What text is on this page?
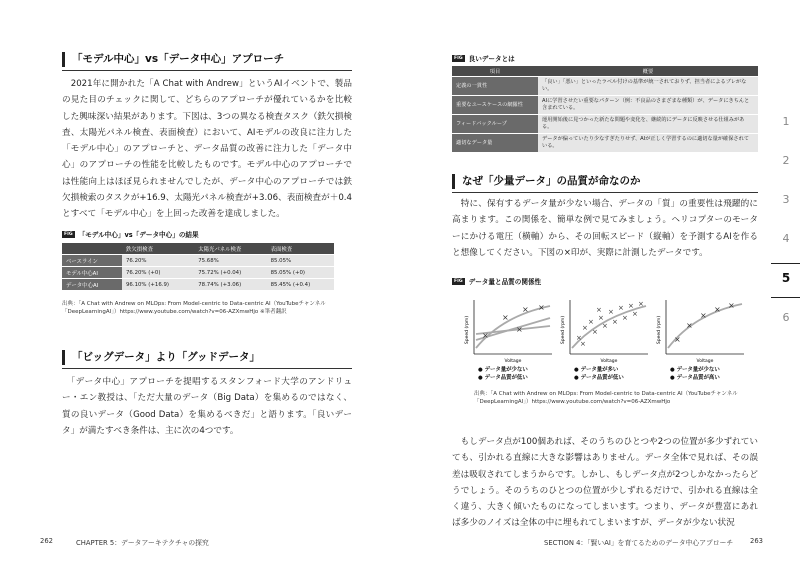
「モデル中心」vs「データ中心」アプローチ
　2021年に開かれた「A Chat with Andrew」というAIイベントで、製品の見た目のチェックに関して、どちらのアプローチが優れているかを比較した興味深い結果があります。下図は、3つの異なる検査タスク（鉄欠損検査、太陽光パネル検査、表面検査）において、AIモデルの改良に注力した「モデル中心」のアプローチと、データ品質の改善に注力した「データ中心」のアプローチの性能を比較したものです。モデル中心のアプローチでは性能向上はほぼ見られませんでしたが、データ中心のアプローチでは鉄欠損検索のタスクが+16.9、太陽光パネル検査が+3.06、表面検査が＋0.4とすべて「モデル中心」を上回った改善を達成しました。
FIG 「モデル中心」vs「データ中心」の結果
	鉄欠損検査	太陽光パネル検査	表面検査
ベースライン	76.20%	75.68%	85.05%
モデル中心AI	76.20% (+0)	75.72% (+0.04)	85.05% (+0)
データ中心AI	96.10% (+16.9)	78.74% (+3.06)	85.45% (+0.4)
出典：「A Chat with Andrew on MLOps: From Model-centric to Data-centric AI（YouTubeチャンネル「DeepLearningAI」）https://www.youtube.com/watch?v=06-AZXmwHjo ※筆者翻訳
「ビッグデータ」より「グッドデータ」
　「データ中心」アプローチを提唱するスタンフォード大学のアンドリュー・エン教授は、「ただ大量のデータ（Big Data）を集めるのではなく、質の良いデータ（Good Data）を集めるべきだ」と語ります。「良いデータ」が満たすべき条件は、主に次の4つです。
262	CHAPTER 5：データアーキテクチャの探究
FIG 良いデータとは
項目	概要
定義の一貫性	「良い」「悪い」といったラベル付けの基準が統一されておりず、担当者によるブレがない。
重要なユースケースの網羅性	AIに学習させたい重要なパターン（例：不良品のさまざまな種類）が、データにきちんと含まれている。
フィードバックループ	運用開始後に見つかった新たな問題や変化を、継続的にデータに反映させる仕組みがある。
適切なデータ量	データが偏っていたり少なすぎたりせず、AIが正しく学習するのに適切な量が確保されている。
なぜ「少量データ」の品質が命なのか
　特に、保有するデータ量が少ない場合、データの「質」の重要性は飛躍的に高まります。この関係を、簡単な例で見てみましょう。ヘリコプターのモーターにかける電圧（横軸）から、その回転スピード（縦軸）を予測するAIを作ると想像してください。下図の×印が、実際に計測したデータです。
FIG データ量と品質の関係性
Speed (rpm) ×
×
× ×
×
Voltage
● データ量が少ない
● データ品質が低い
Speed (rpm) ×
×
×
×
×
×
×
×
×
×
×
×
×
×
×
Voltage
● データ量が多い
● データ品質が低い
Speed (rpm) ×
×
×
× ×
Voltage
● データ量が少ない
● データ品質が高い
出典：「A Chat with Andrew on MLOps: From Model-centric to Data-centric AI（YouTubeチャンネル「DeepLearningAI」）https://www.youtube.com/watch?v=06-AZXmwHjo
　もしデータ点が100個あれば、そのうちのひとつや2つの位置が多少ずれていても、引かれる直線に大きな影響はありません。データ全体で見れば、その誤差は吸収されてしまうからです。しかし、もしデータ点が2つしかなかったらどうでしょう。そのうちのひとつの位置が少しずれるだけで、引かれる直線は全く違う、大きく傾いたものになってしまいます。つまり、データが豊富にあれば多少のノイズは全体の中に埋もれてしまいますが、データが少ない状況
SECTION 4：「賢いAI」を育てるためのデータ中心アプローチ 263
1
2
3
4
5
6
